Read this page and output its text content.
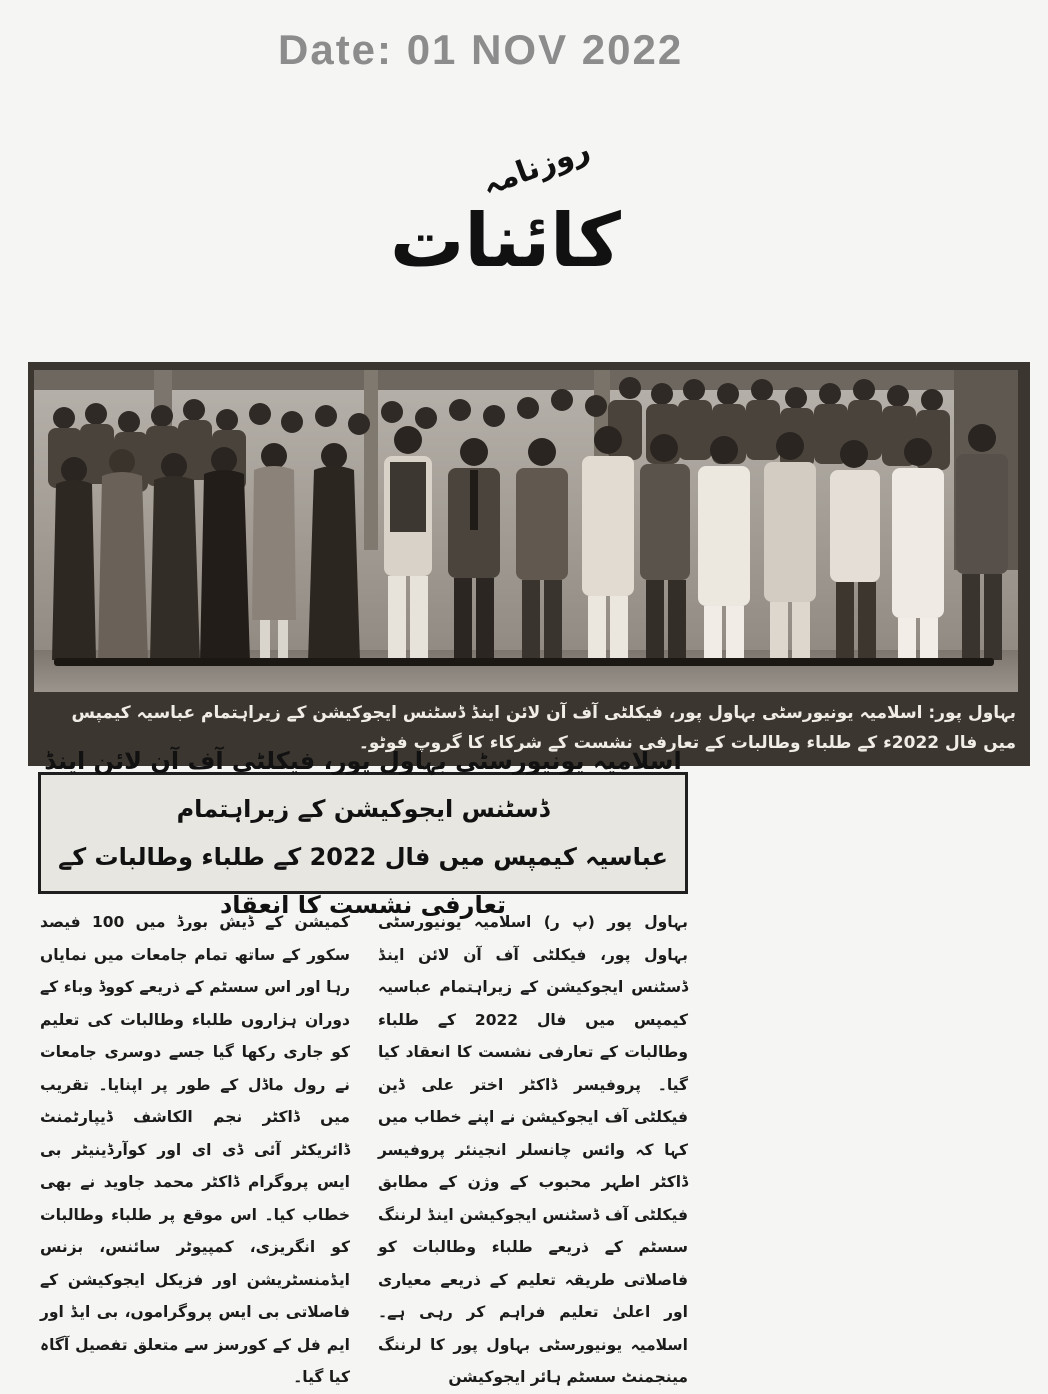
Date: 01 NOV 2022
روزنامہ
کائنات
بہاول پور: اسلامیہ یونیورسٹی بہاول پور، فیکلٹی آف آن لائن اینڈ ڈسٹنس ایجوکیشن کے زیراہتمام عباسیہ کیمپس میں فال 2022ء کے طلباء وطالبات کے تعارفی نشست کے شرکاء کا گروپ فوٹو۔
اسلامیہ یونیورسٹی بہاول پور، فیکلٹی آف آن لائن اینڈ ڈسٹنس ایجوکیشن کے زیراہتمام
عباسیہ کیمپس میں فال 2022 کے طلباء وطالبات کے تعارفی نشست کا انعقاد
بہاول پور (پ ر) اسلامیہ یونیورسٹی بہاول پور، فیکلٹی آف آن لائن اینڈ ڈسٹنس ایجوکیشن کے زیراہتمام عباسیہ کیمپس میں فال 2022 کے طلباء وطالبات کے تعارفی نشست کا انعقاد کیا گیا۔ پروفیسر ڈاکٹر اختر علی ڈین فیکلٹی آف ایجوکیشن نے اپنے خطاب میں کہا کہ وائس چانسلر انجینئر پروفیسر ڈاکٹر اطہر محبوب کے وژن کے مطابق فیکلٹی آف ڈسٹنس ایجوکیشن اینڈ لرننگ سسٹم کے ذریعے طلباء وطالبات کو فاصلاتی طریقہ تعلیم کے ذریعے معیاری اور اعلیٰ تعلیم فراہم کر رہی ہے۔ اسلامیہ یونیورسٹی بہاول پور کا لرننگ مینجمنٹ سسٹم ہائر ایجوکیشن
کمیشن کے ڈیش بورڈ میں 100 فیصد سکور کے ساتھ تمام جامعات میں نمایاں رہا اور اس سسٹم کے ذریعے کووڈ وباء کے دوران ہزاروں طلباء وطالبات کی تعلیم کو جاری رکھا گیا جسے دوسری جامعات نے رول ماڈل کے طور پر اپنایا۔ تقریب میں ڈاکٹر نجم الکاشف ڈیپارٹمنٹ ڈائریکٹر آئی ڈی ای اور کوآرڈینیٹر بی ایس پروگرام ڈاکٹر محمد جاوید نے بھی خطاب کیا۔ اس موقع پر طلباء وطالبات کو انگریزی، کمپیوٹر سائنس، بزنس ایڈمنسٹریشن اور فزیکل ایجوکیشن کے فاصلاتی بی ایس پروگراموں، بی ایڈ اور ایم فل کے کورسز سے متعلق تفصیل آگاہ کیا گیا۔
